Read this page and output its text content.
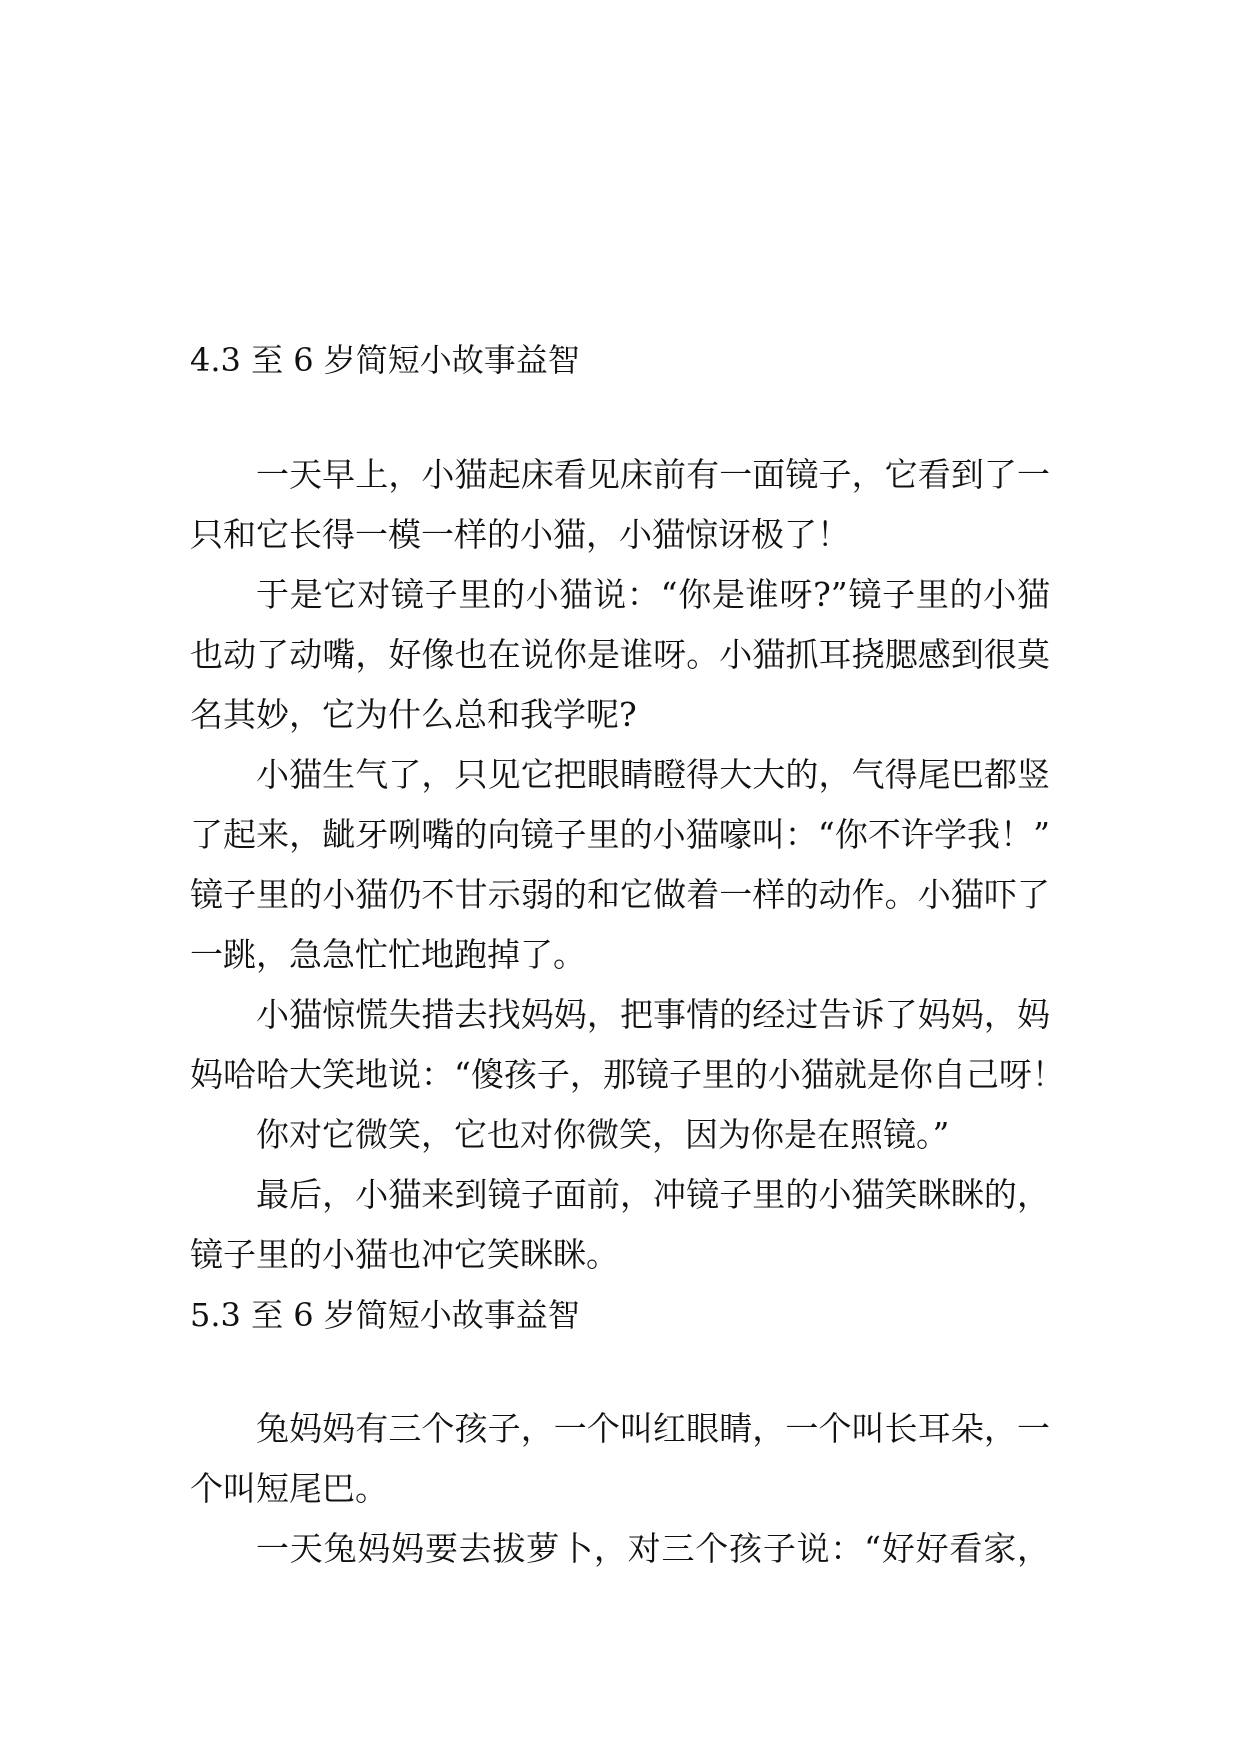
4.3 至 6 岁简短小故事益智
一天早上，小猫起床看见床前有一面镜子，它看到了一
只和它长得一模一样的小猫，小猫惊讶极了！
于是它对镜子里的小猫说：“你是谁呀?”镜子里的小猫
也动了动嘴，好像也在说你是谁呀。小猫抓耳挠腮感到很莫
名其妙，它为什么总和我学呢?
小猫生气了，只见它把眼睛瞪得大大的，气得尾巴都竖
了起来，龇牙咧嘴的向镜子里的小猫嚎叫：“你不许学我！”
镜子里的小猫仍不甘示弱的和它做着一样的动作。小猫吓了
一跳，急急忙忙地跑掉了。
小猫惊慌失措去找妈妈，把事情的经过告诉了妈妈，妈
妈哈哈大笑地说：“傻孩子，那镜子里的小猫就是你自己呀！
你对它微笑，它也对你微笑，因为你是在照镜。”
最后，小猫来到镜子面前，冲镜子里的小猫笑眯眯的，
镜子里的小猫也冲它笑眯眯。
5.3 至 6 岁简短小故事益智
兔妈妈有三个孩子，一个叫红眼睛，一个叫长耳朵，一
个叫短尾巴。
一天兔妈妈要去拔萝卜，对三个孩子说：“好好看家，
